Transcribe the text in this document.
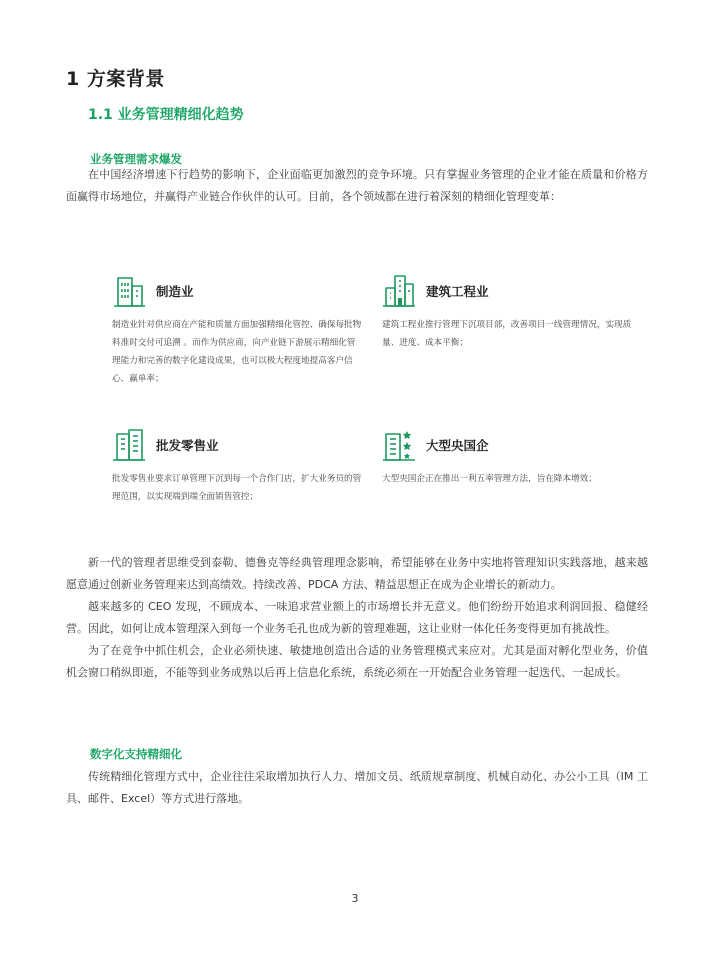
1 方案背景
1.1 业务管理精细化趋势
业务管理需求爆发
在中国经济增速下行趋势的影响下，企业面临更加激烈的竞争环境。只有掌握业务管理的企业才能在质量和价格方面赢得市场地位，并赢得产业链合作伙伴的认可。目前，各个领域都在进行着深刻的精细化管理变革：
制造业
制造业针对供应商在产能和质量方面加强精细化管控、确保每批物料准时交付可追溯 。而作为供应商，向产业链下游展示精细化管理能力和完善的数字化建设成果，也可以极大程度地提高客户信心、赢单率；
建筑工程业
建筑工程业推行管理下沉项目部，改善项目一线管理情况，实现质量、进度、成本平衡；
批发零售业
批发零售业要求订单管理下沉到每一个合作门店，扩大业务员的管理范围，以实现端到端全面销售管控；
大型央国企
大型央国企正在推出一利五率管理方法，旨在降本增效；
新一代的管理者思维受到泰勒、德鲁克等经典管理理念影响，希望能够在业务中实地将管理知识实践落地，越来越愿意通过创新业务管理来达到高绩效。持续改善、PDCA 方法、精益思想正在成为企业增长的新动力。
越来越多的 CEO 发现，不顾成本、一味追求营业额上的市场增长并无意义。他们纷纷开始追求利润回报、稳健经营。因此，如何让成本管理深入到每一个业务毛孔也成为新的管理难题，这让业财一体化任务变得更加有挑战性。
为了在竞争中抓住机会，企业必须快速、敏捷地创造出合适的业务管理模式来应对。尤其是面对孵化型业务，价值机会窗口稍纵即逝，不能等到业务成熟以后再上信息化系统，系统必须在一开始配合业务管理一起迭代、一起成长。
数字化支持精细化
传统精细化管理方式中，企业往往采取增加执行人力、增加文员、纸质规章制度、机械自动化、办公小工具（IM 工具、邮件、Excel）等方式进行落地。
3
